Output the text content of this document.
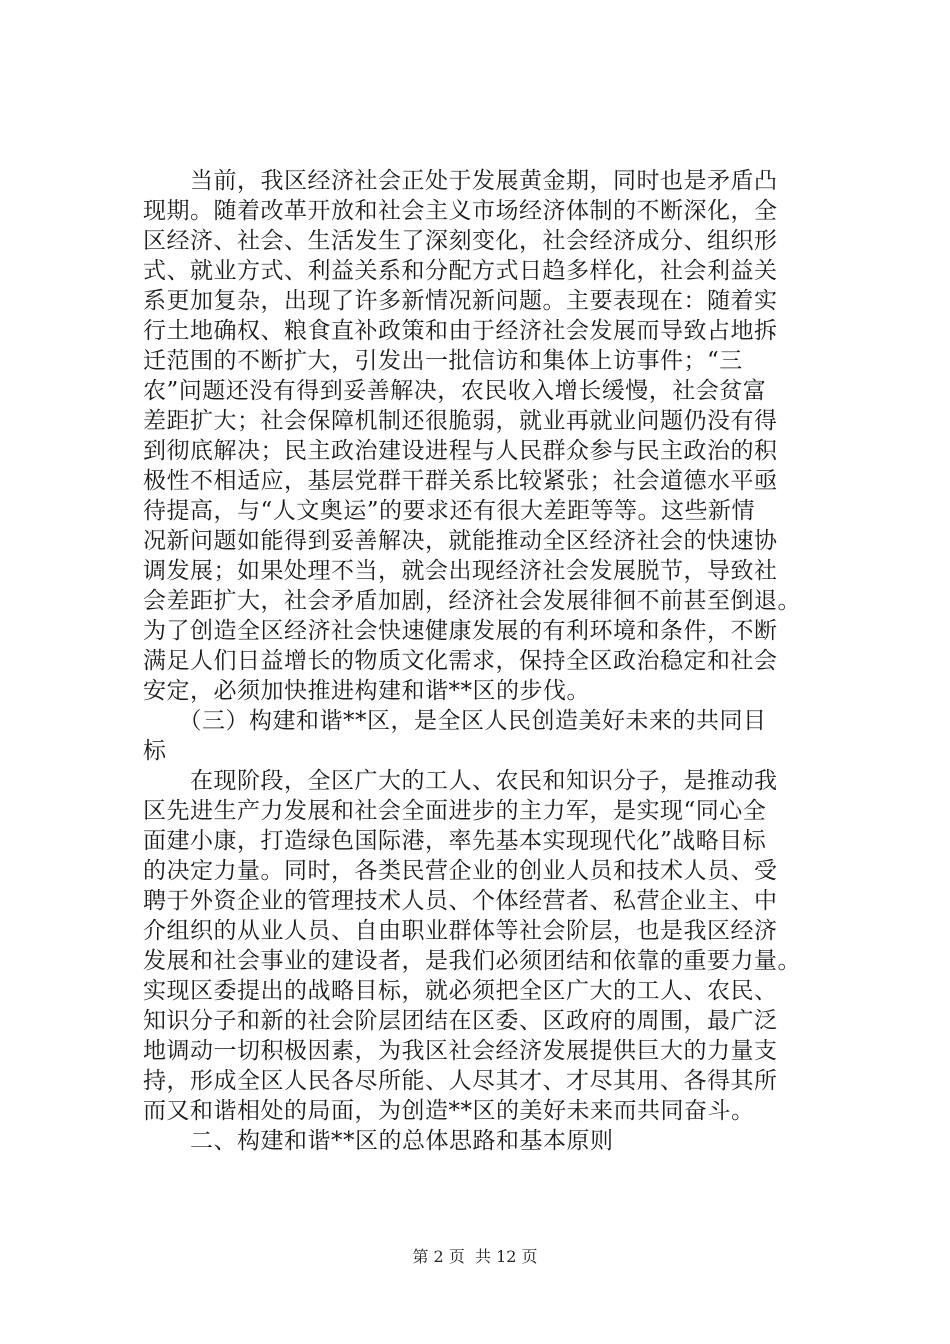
　　当前，我区经济社会正处于发展黄金期，同时也是矛盾凸
现期。随着改革开放和社会主义市场经济体制的不断深化，全
区经济、社会、生活发生了深刻变化，社会经济成分、组织形
式、就业方式、利益关系和分配方式日趋多样化，社会利益关
系更加复杂，出现了许多新情况新问题。主要表现在：随着实
行土地确权、粮食直补政策和由于经济社会发展而导致占地拆
迁范围的不断扩大，引发出一批信访和集体上访事件；“三
农”问题还没有得到妥善解决，农民收入增长缓慢，社会贫富
差距扩大；社会保障机制还很脆弱，就业再就业问题仍没有得
到彻底解决；民主政治建设进程与人民群众参与民主政治的积
极性不相适应，基层党群干群关系比较紧张；社会道德水平亟
待提高，与“人文奥运”的要求还有很大差距等等。这些新情
况新问题如能得到妥善解决，就能推动全区经济社会的快速协
调发展；如果处理不当，就会出现经济社会发展脱节，导致社
会差距扩大，社会矛盾加剧，经济社会发展徘徊不前甚至倒退。
为了创造全区经济社会快速健康发展的有利环境和条件，不断
满足人们日益增长的物质文化需求，保持全区政治稳定和社会
安定，必须加快推进构建和谐**区的步伐。
　　（三）构建和谐**区，是全区人民创造美好未来的共同目
标
　　在现阶段，全区广大的工人、农民和知识分子，是推动我
区先进生产力发展和社会全面进步的主力军，是实现“同心全
面建小康，打造绿色国际港，率先基本实现现代化”战略目标
的决定力量。同时，各类民营企业的创业人员和技术人员、受
聘于外资企业的管理技术人员、个体经营者、私营企业主、中
介组织的从业人员、自由职业群体等社会阶层，也是我区经济
发展和社会事业的建设者，是我们必须团结和依靠的重要力量。
实现区委提出的战略目标，就必须把全区广大的工人、农民、
知识分子和新的社会阶层团结在区委、区政府的周围，最广泛
地调动一切积极因素，为我区社会经济发展提供巨大的力量支
持，形成全区人民各尽所能、人尽其才、才尽其用、各得其所
而又和谐相处的局面，为创造**区的美好未来而共同奋斗。
　　二、构建和谐**区的总体思路和基本原则
第 2 页  共 12 页
